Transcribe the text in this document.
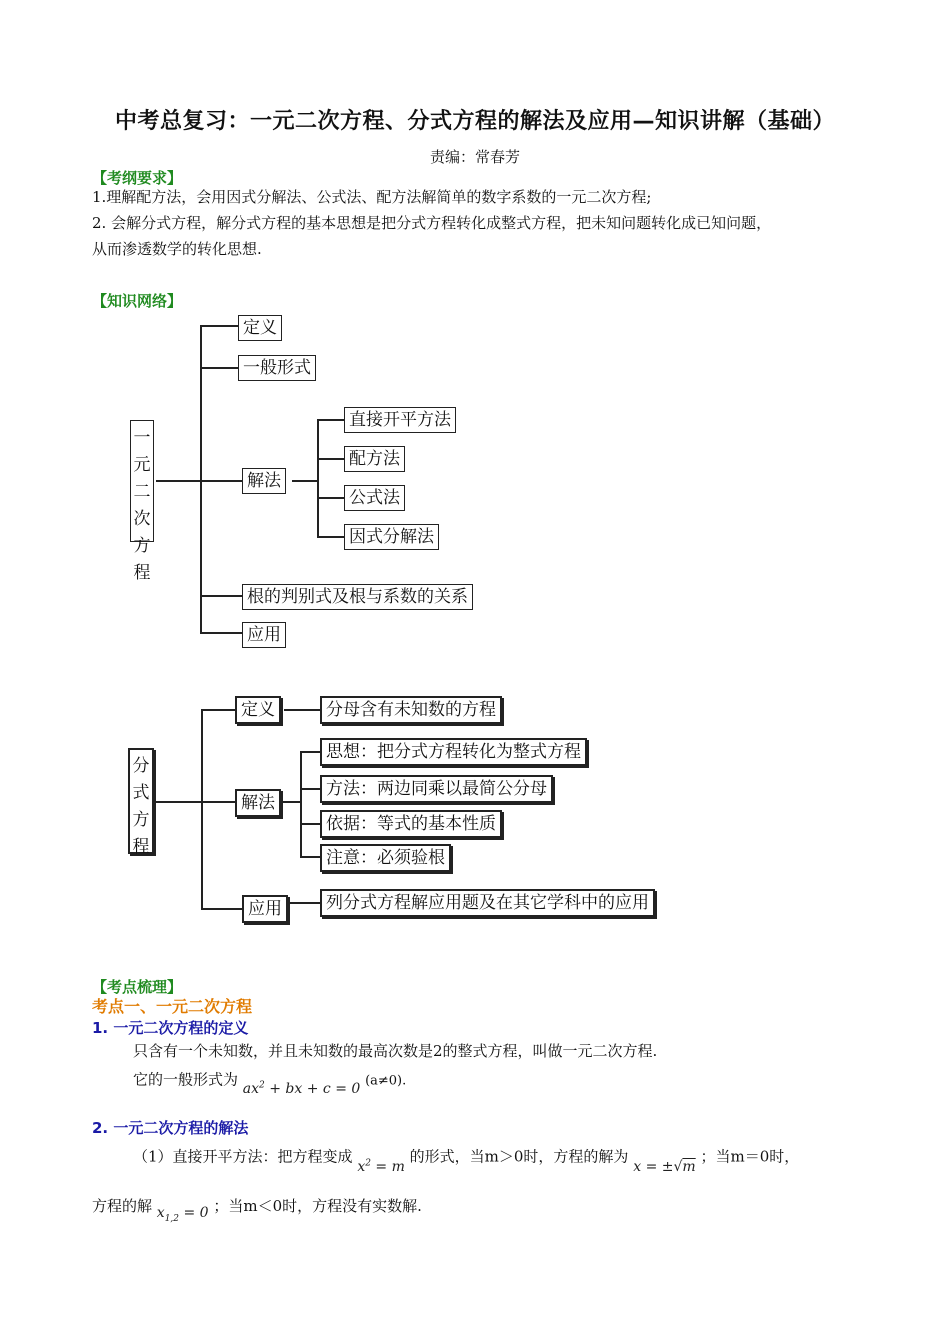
中考总复习：一元二次方程、分式方程的解法及应用—知识讲解（基础）
责编：常春芳
【考纲要求】
1.理解配方法，会用因式分解法、公式法、配方法解简单的数字系数的一元二次方程;
2. 会解分式方程，解分式方程的基本思想是把分式方程转化成整式方程，把未知问题转化成已知问题，
从而渗透数学的转化思想.
【知识网络】
一元二次方程
定义
一般形式
解法
直接开平方法
配方法
公式法
因式分解法
根的判别式及根与系数的关系
应用
分式方程
定义	分母含有未知数的方程
解法
思想：把分式方程转化为整式方程
方法：两边同乘以最简公分母
依据：等式的基本性质
注意：必须验根
应用	列分式方程解应用题及在其它学科中的应用
【考点梳理】
考点一、一元二次方程
1. 一元二次方程的定义
只含有一个未知数，并且未知数的最高次数是2的整式方程，叫做一元二次方程.
它的一般形式为 $ax^2$ + bx + c = 0 (a≠0).
2. 一元二次方程的解法
（1）直接开平方法：把方程变成 $x^2 = m$ 的形式，当m＞0时，方程的解为 x = ±√m ；当m＝0时，
方程的解 $x_{1,2} = 0$ ；当m＜0时，方程没有实数解.
